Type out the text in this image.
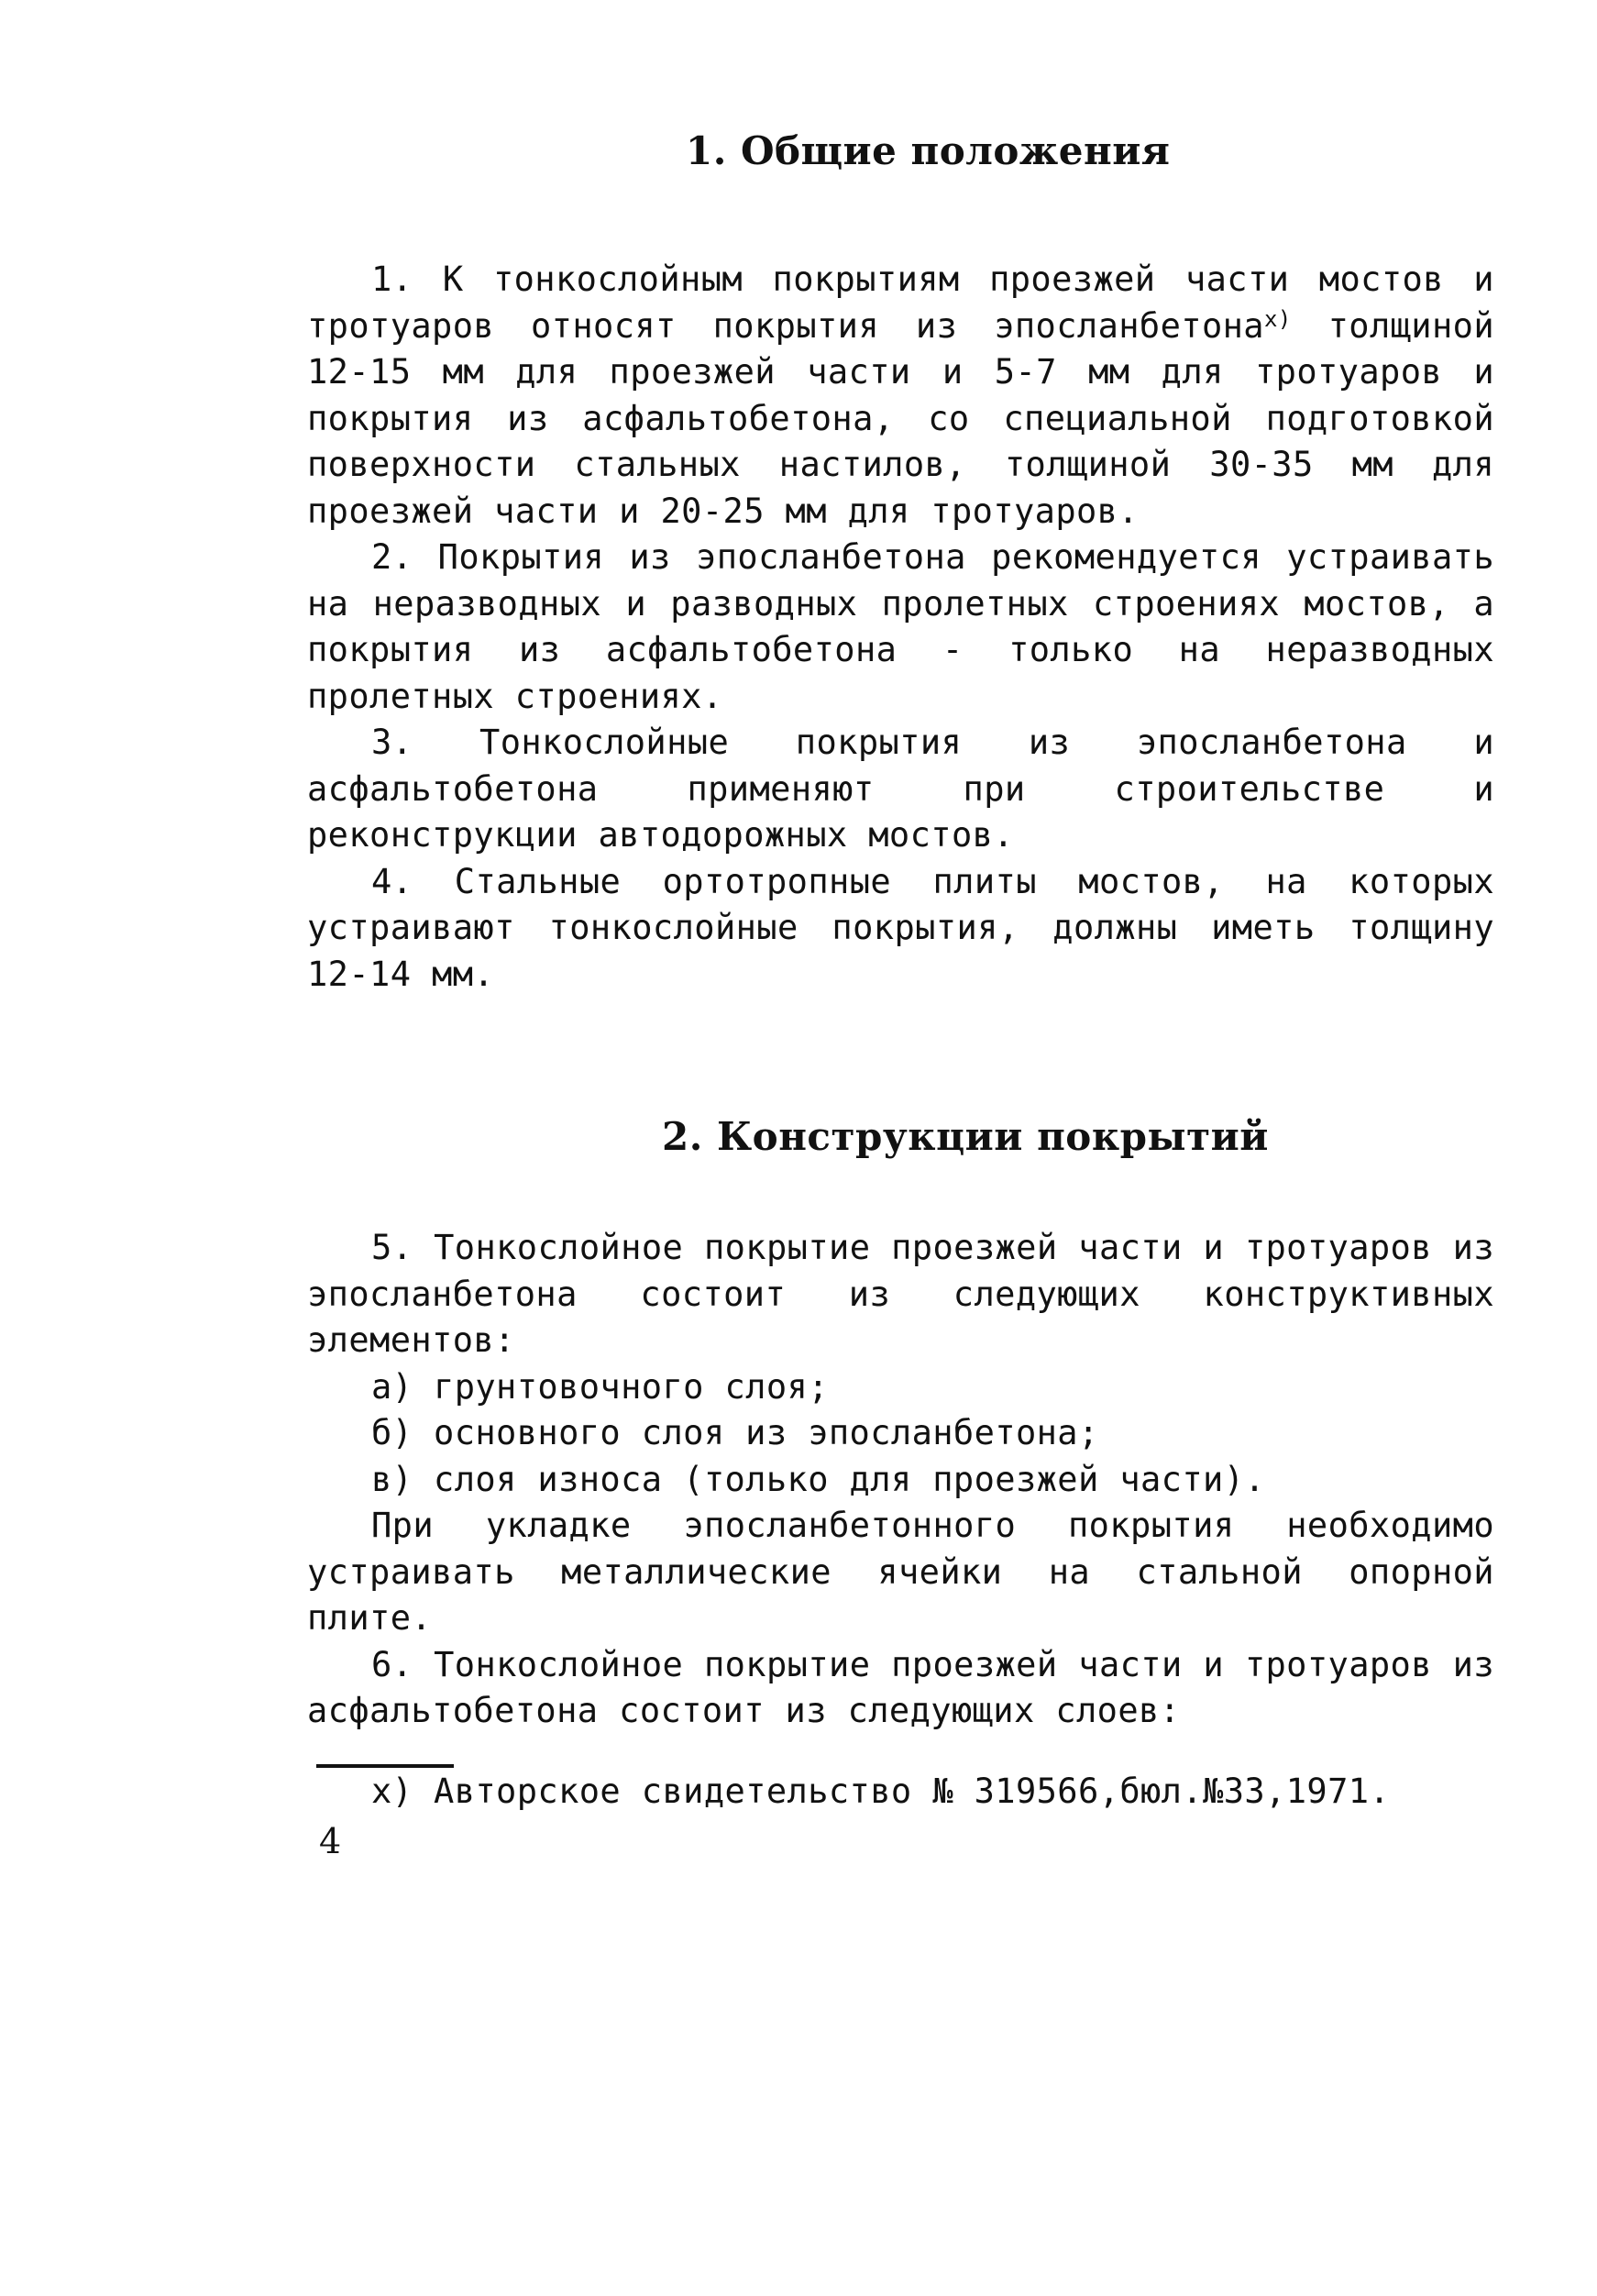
1. Общие положения

1. К тонкослойным покрытиям проезжей части мостов и тротуаров относят покрытия из эпосланбетона$^{x)}$ толщиной 12-15 мм для проезжей части и 5-7 мм для тротуаров и покрытия из асфальтобетона, со специальной подготовкой поверхности стальных настилов, толщиной 30-35 мм для проезжей части и 20-25 мм для тротуаров.

2. Покрытия из эпосланбетона рекомендуется устраивать на неразводных и разводных пролетных строениях мостов, а покрытия из асфальтобетона - только на неразводных пролетных строениях.

3. Тонкослойные покрытия из эпосланбетона и асфальтобетона применяют при строительстве и реконструкции автодорожных мостов.

4. Стальные ортотропные плиты мостов, на которых устраивают тонкослойные покрытия, должны иметь толщину 12-14 мм.

2. Конструкции покрытий

5. Тонкослойное покрытие проезжей части и тротуаров из эпосланбетона состоит из следующих конструктивных элементов:

а) грунтовочного слоя;

б) основного слоя из эпосланбетона;

в) слоя износа (только для проезжей части).

При укладке эпосланбетонного покрытия необходимо устраивать металлические ячейки на стальной опорной плите.

6. Тонкослойное покрытие проезжей части и тротуаров из асфальтобетона состоит из следующих слоев:

х) Авторское свидетельство № 319566,бюл.№33,1971.
4
